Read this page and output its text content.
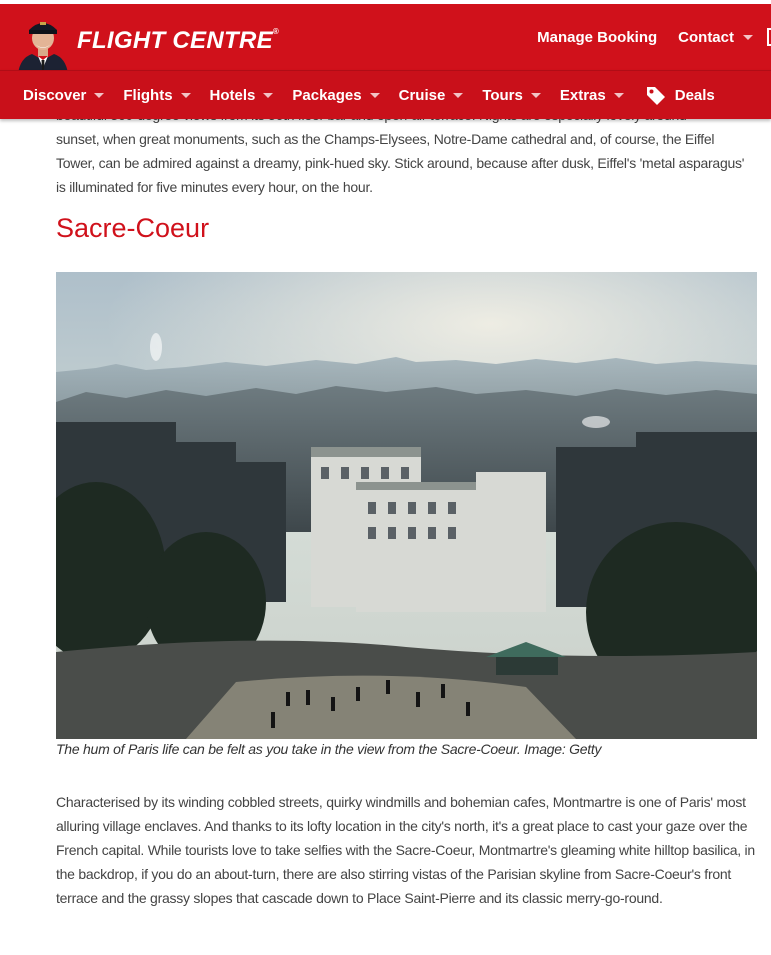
FLIGHT CENTRE®	Manage Booking Contact
Discover Flights Hotels Packages Cruise Tours Extras	Deals
sunset, when great monuments, such as the Champs-Elysees, Notre-Dame cathedral and, of course, the Eiffel Tower, can be admired against a dreamy, pink-hued sky. Stick around, because after dusk, Eiffel's 'metal asparagus' is illuminated for five minutes every hour, on the hour.
Sacre-Coeur

The hum of Paris life can be felt as you take in the view from the Sacre-Coeur. Image: Getty

Characterised by its winding cobbled streets, quirky windmills and bohemian cafes, Montmartre is one of Paris' most alluring village enclaves. And thanks to its lofty location in the city's north, it's a great place to cast your gaze over the French capital. While tourists love to take selfies with the Sacre-Coeur, Montmartre's gleaming white hilltop basilica, in the backdrop, if you do an about-turn, there are also stirring vistas of the Parisian skyline from Sacre-Coeur's front terrace and the grassy slopes that cascade down to Place Saint-Pierre and its classic merry-go-round.
